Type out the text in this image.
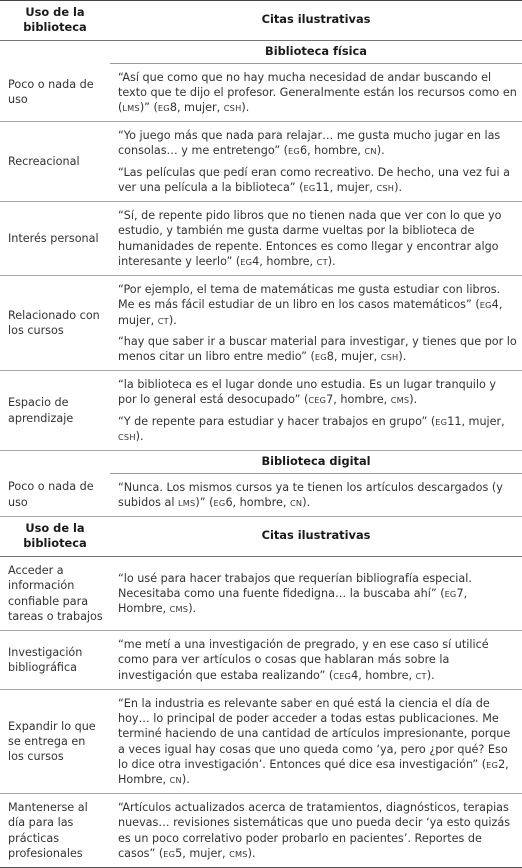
Uso de la biblioteca	Citas ilustrativas
	Biblioteca física
Poco o nada de uso	“Así que como que no hay mucha necesidad de andar buscando el texto que te dijo el profesor. Generalmente están los recursos como en (LMS)” (EG8, mujer, CSH).

Recreacional	“Yo juego más que nada para relajar… me gusta mucho jugar en las consolas… y me entretengo” (EG6, hombre, CN).

“Las películas que pedí eran como recreativo. De hecho, una vez fui a ver una película a la biblioteca” (EG11, mujer, CSH).

Interés personal	“Sí, de repente pido libros que no tienen nada que ver con lo que yo estudio, y también me gusta darme vueltas por la biblioteca de humanidades de repente. Entonces es como llegar y encontrar algo interesante y leerlo” (EG4, hombre, CT).

Relacionado con los cursos	“Por ejemplo, el tema de matemáticas me gusta estudiar con libros. Me es más fácil estudiar de un libro en los casos matemáticos” (EG4, mujer, CT).

“hay que saber ir a buscar material para investigar, y tienes que por lo menos citar un libro entre medio” (EG8, mujer, CSH).

Espacio de aprendizaje	“la biblioteca es el lugar donde uno estudia. Es un lugar tranquilo y por lo general está desocupado” (CEG7, hombre, CMS).

“Y de repente para estudiar y hacer trabajos en grupo” (EG11, mujer, CSH).

	Biblioteca digital
Poco o nada de uso	“Nunca. Los mismos cursos ya te tienen los artículos descargados (y subidos al LMS)” (EG6, hombre, CN).

Uso de la biblioteca	Citas ilustrativas
Acceder a información confiable para tareas o trabajos	“lo usé para hacer trabajos que requerían bibliografía especial. Necesitaba como una fuente fidedigna… la buscaba ahí” (EG7, Hombre, CMS).

Investigación bibliográfica	“me metí a una investigación de pregrado, y en ese caso sí utilicé como para ver artículos o cosas que hablaran más sobre la investigación que estaba realizando” (CEG4, hombre, CT).

Expandir lo que se entrega en los cursos	“En la industria es relevante saber en qué está la ciencia el día de hoy… lo principal de poder acceder a todas estas publicaciones. Me terminé haciendo de una cantidad de artículos impresionante, porque a veces igual hay cosas que uno queda como ‘ya, pero ¿por qué? Eso lo dice otra investigación’. Entonces qué dice esa investigación” (EG2, Hombre, CN).

Mantenerse al día para las prácticas profesionales	“Artículos actualizados acerca de tratamientos, diagnósticos, terapias nuevas… revisiones sistemáticas que uno pueda decir ‘ya esto quizás es un poco correlativo poder probarlo en pacientes’. Reportes de casos” (EG5, mujer, CMS).
